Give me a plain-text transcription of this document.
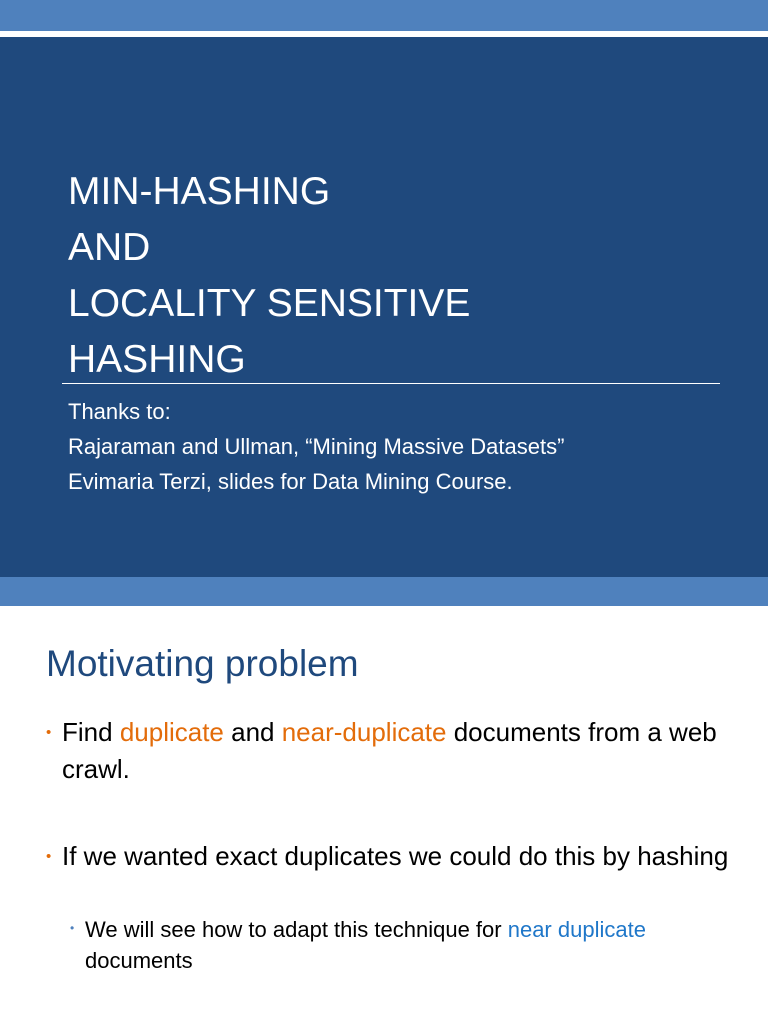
MIN-HASHING
AND
LOCALITY SENSITIVE
HASHING
Thanks to:
Rajaraman and Ullman, “Mining Massive Datasets”
Evimaria Terzi, slides for Data Mining Course.
Motivating problem
• Find duplicate and near-duplicate documents from a web crawl.
• If we wanted exact duplicates we could do this by hashing
• We will see how to adapt this technique for near duplicate documents
